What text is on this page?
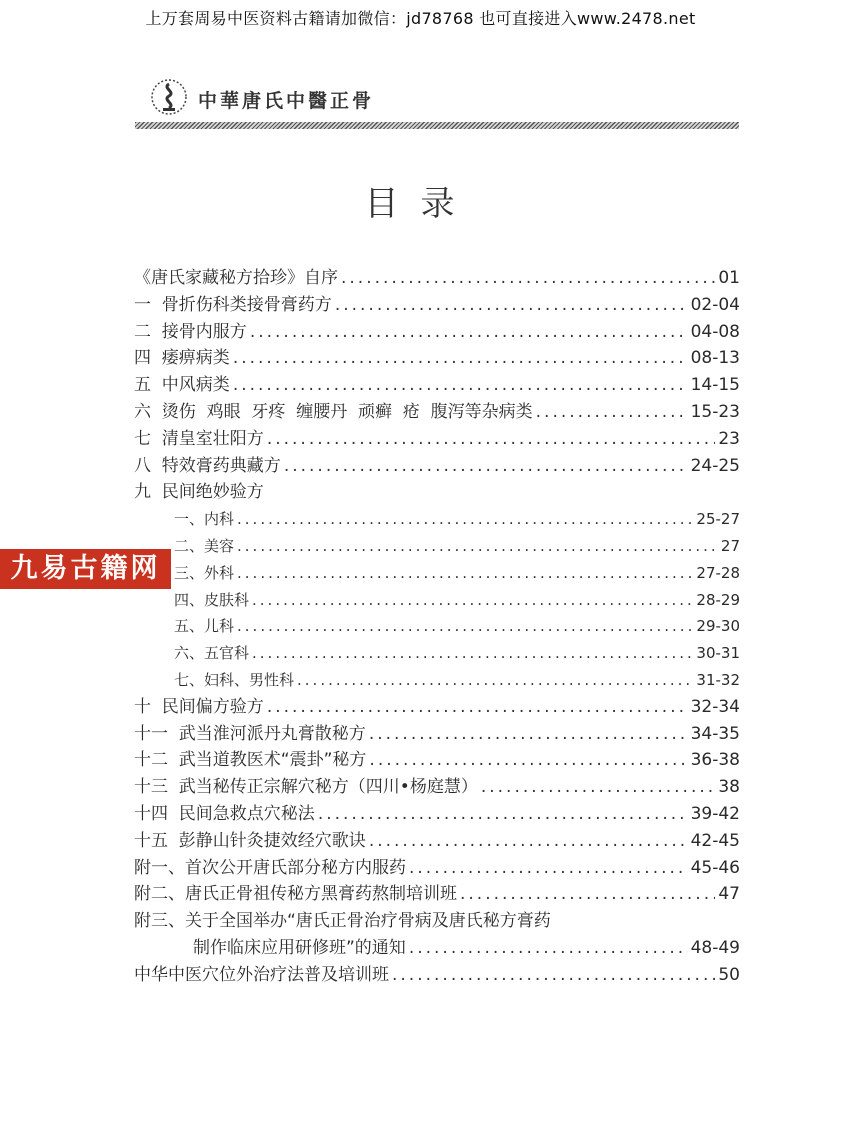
上万套周易中医资料古籍请加微信：jd78768 也可直接进入www.2478.net
中華唐氏中醫正骨
目录
《唐氏家藏秘方拾珍》自序 .....	01
一  骨折伤科类接骨膏药方 .....	02-04
二  接骨内服方 .....	04-08
四  痿痹病类 .....	08-13
五  中风病类 .....	14-15
六  烫伤  鸡眼  牙疼  缠腰丹  顽癣  疮  腹泻等杂病类 .....	15-23
七  清皇室壮阳方 .....	23
八  特效膏药典藏方 .....	24-25
九  民间绝妙验方
一、内科 .....	25-27
二、美容 .....	27
三、外科 .....	27-28
四、皮肤科 .....	28-29
五、儿科 .....	29-30
六、五官科 .....	30-31
七、妇科、男性科 .....	31-32
十  民间偏方验方 .....	32-34
十一  武当淮河派丹丸膏散秘方 .....	34-35
十二  武当道教医术“震卦”秘方 .....	36-38
十三  武当秘传正宗解穴秘方（四川•杨庭慧） .....	38
十四  民间急救点穴秘法 .....	39-42
十五  彭静山针灸捷效经穴歌诀 .....	42-45
附一、首次公开唐氏部分秘方内服药 .....	45-46
附二、唐氏正骨祖传秘方黑膏药熬制培训班 .....	47
附三、关于全国举办“唐氏正骨治疗骨病及唐氏秘方膏药
制作临床应用研修班”的通知 .....	48-49
中华中医穴位外治疗法普及培训班 .....	50
九易古籍网
